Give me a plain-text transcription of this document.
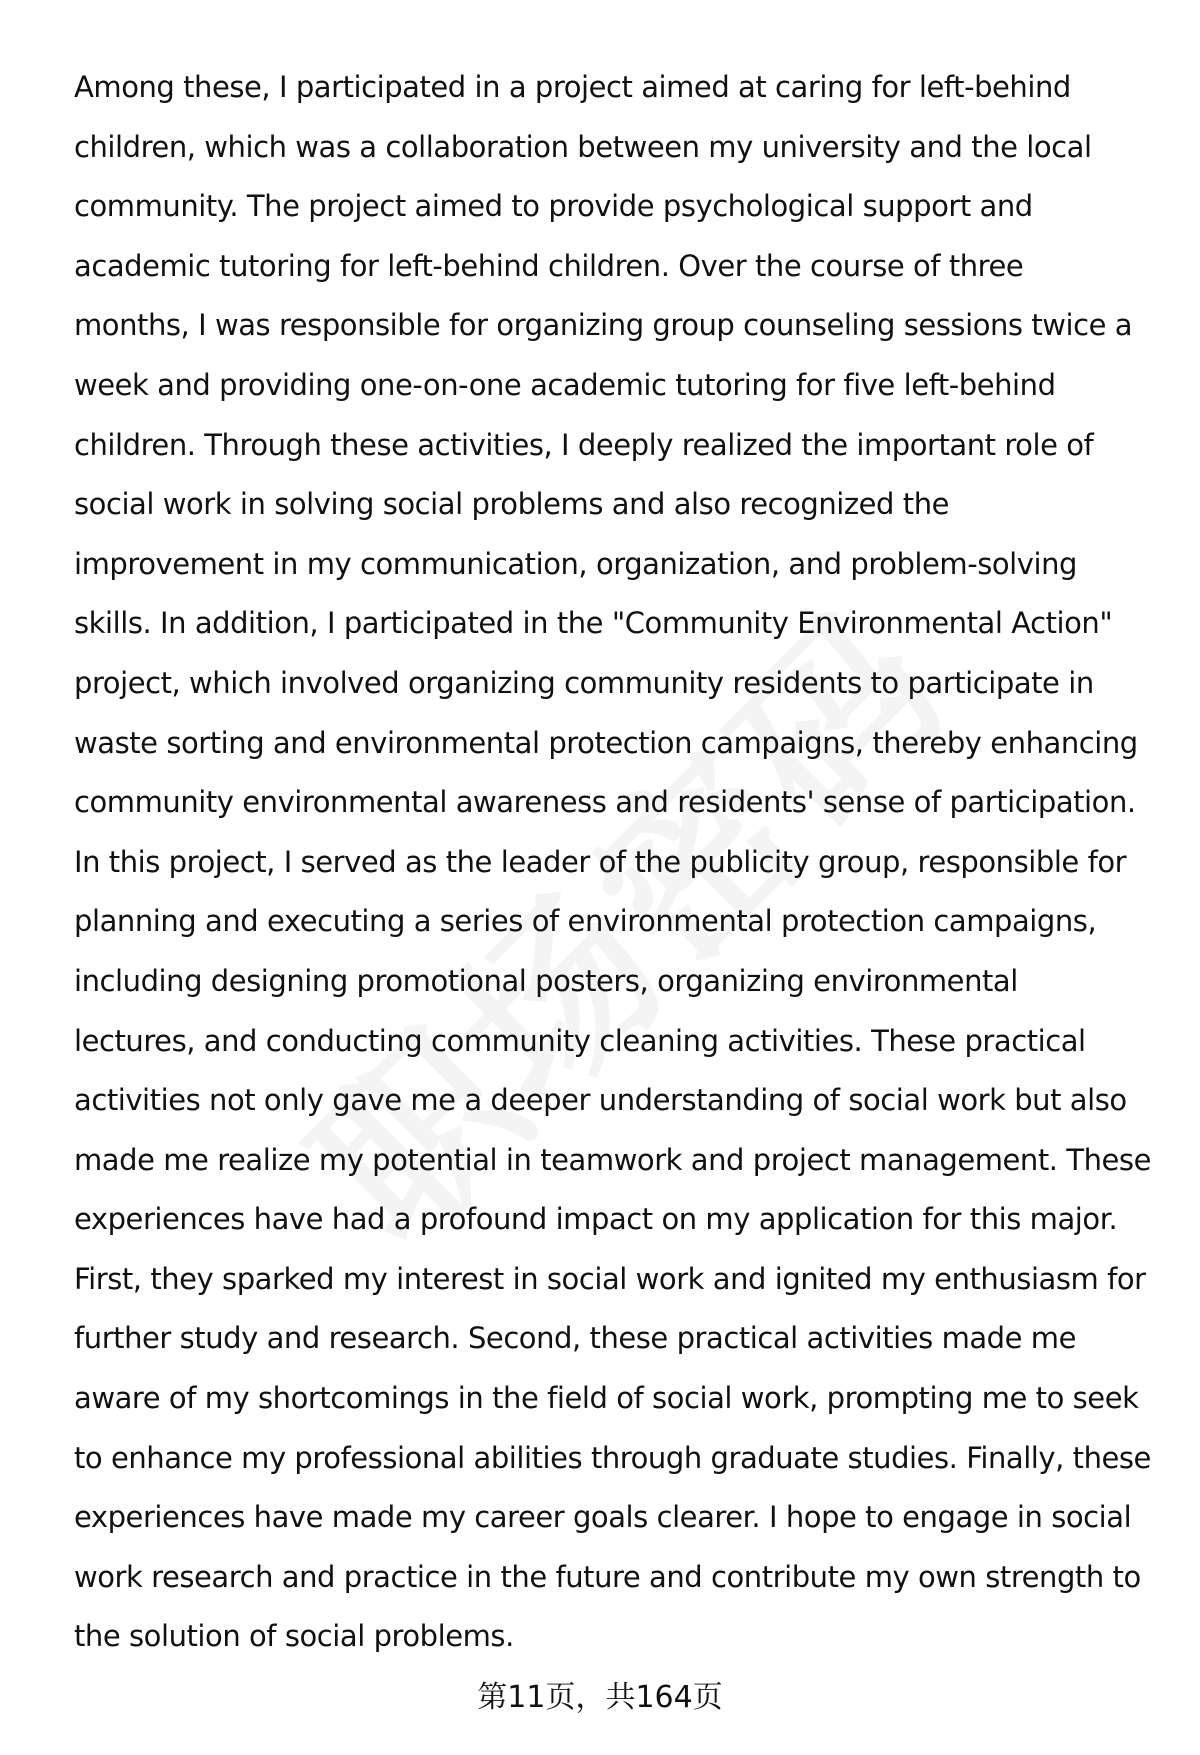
Among these, I participated in a project aimed at caring for left-behind
children, which was a collaboration between my university and the local
community. The project aimed to provide psychological support and
academic tutoring for left-behind children. Over the course of three
months, I was responsible for organizing group counseling sessions twice a
week and providing one-on-one academic tutoring for five left-behind
children. Through these activities, I deeply realized the important role of
social work in solving social problems and also recognized the
improvement in my communication, organization, and problem-solving
skills. In addition, I participated in the "Community Environmental Action"
project, which involved organizing community residents to participate in
waste sorting and environmental protection campaigns, thereby enhancing
community environmental awareness and residents' sense of participation.
In this project, I served as the leader of the publicity group, responsible for
planning and executing a series of environmental protection campaigns,
including designing promotional posters, organizing environmental
lectures, and conducting community cleaning activities. These practical
activities not only gave me a deeper understanding of social work but also
made me realize my potential in teamwork and project management. These
experiences have had a profound impact on my application for this major.
First, they sparked my interest in social work and ignited my enthusiasm for
further study and research. Second, these practical activities made me
aware of my shortcomings in the field of social work, prompting me to seek
to enhance my professional abilities through graduate studies. Finally, these
experiences have made my career goals clearer. I hope to engage in social
work research and practice in the future and contribute my own strength to
the solution of social problems.
第11页，共164页
